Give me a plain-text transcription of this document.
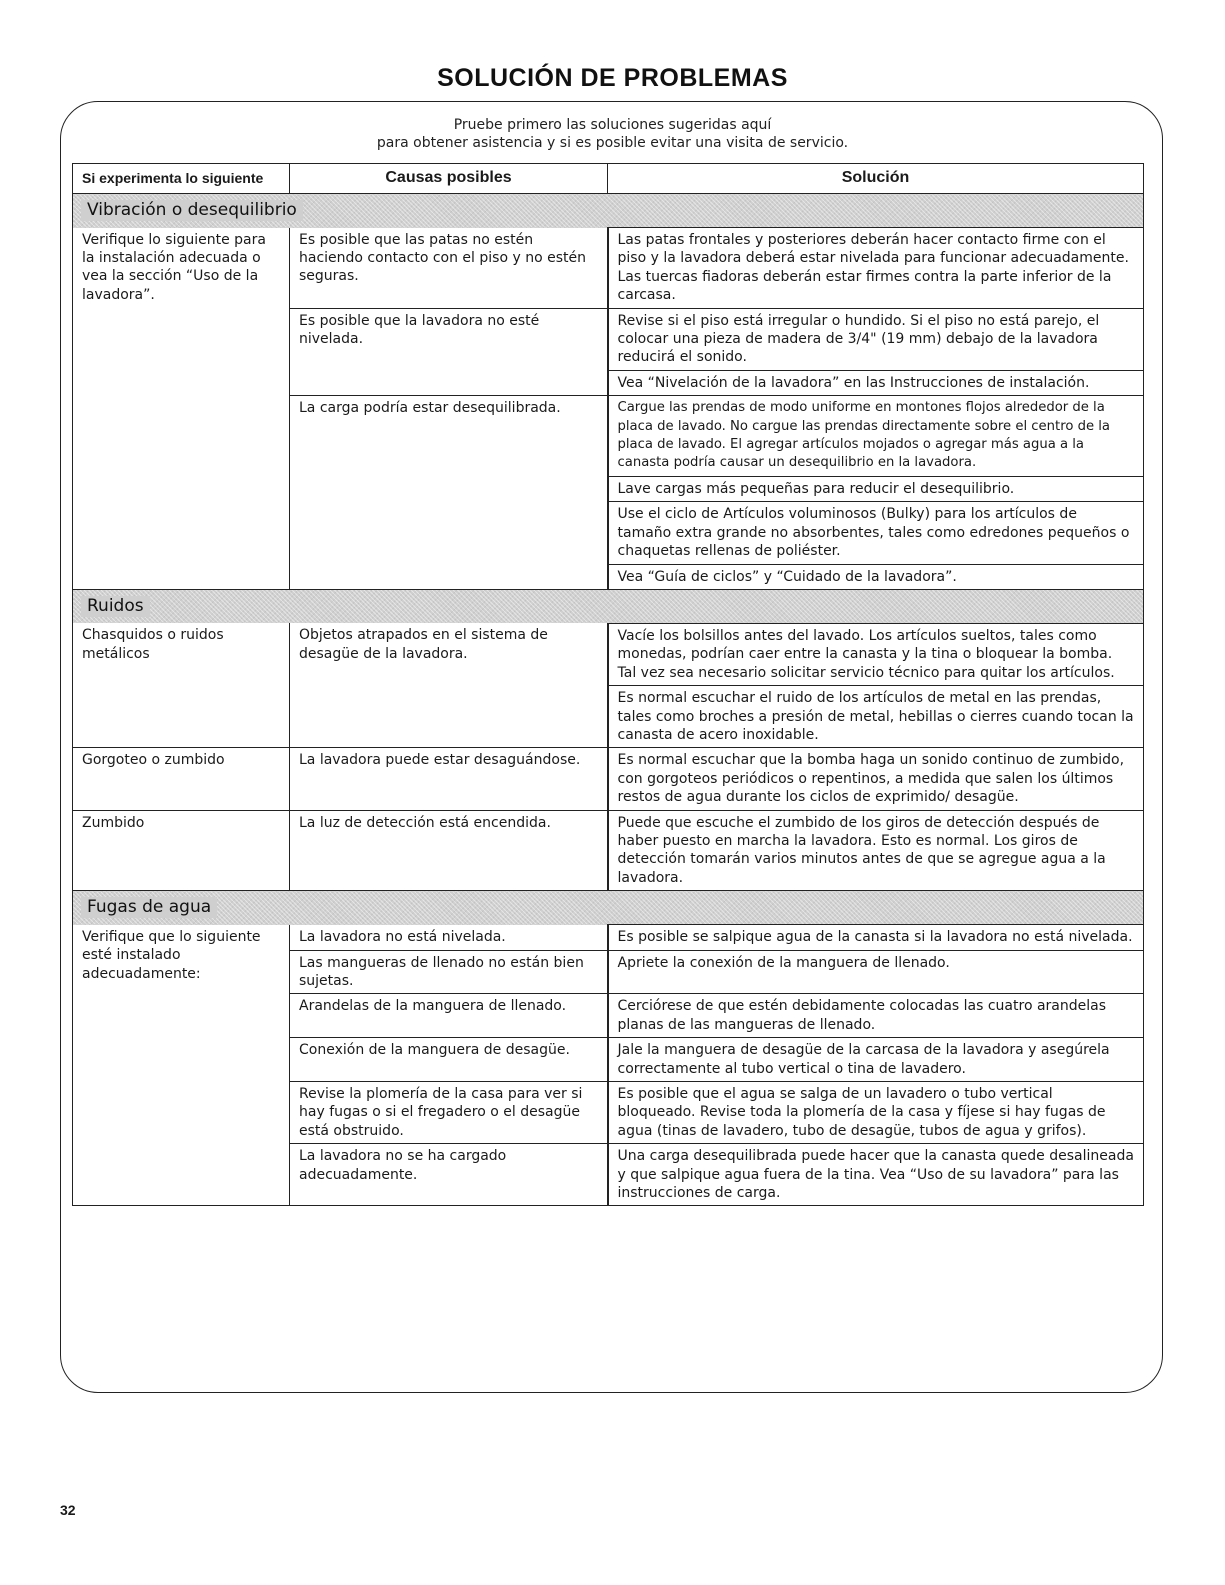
SOLUCIÓN DE PROBLEMAS
Pruebe primero las soluciones sugeridas aquí
para obtener asistencia y si es posible evitar una visita de servicio.
Si experimenta lo siguiente	Causas posibles	Solución
Vibración o desequilibrio		
Verifique lo siguiente para la instalación adecuada o vea la sección “Uso de la lavadora”.	Es posible que las patas no estén haciendo contacto con el piso y no estén seguras.	Las patas frontales y posteriores deberán hacer contacto firme con el piso y la lavadora deberá estar nivelada para funcionar adecuadamente. Las tuercas fiadoras deberán estar firmes contra la parte inferior de la carcasa.
	Es posible que la lavadora no esté nivelada.	Revise si el piso está irregular o hundido. Si el piso no está parejo, el colocar una pieza de madera de 3/4" (19 mm) debajo de la lavadora reducirá el sonido.
		Vea “Nivelación de la lavadora” en las Instrucciones de instalación.
	La carga podría estar desequilibrada.	Cargue las prendas de modo uniforme en montones flojos alrededor de la placa de lavado. No cargue las prendas directamente sobre el centro de la placa de lavado. El agregar artículos mojados o agregar más agua a la canasta podría causar un desequilibrio en la lavadora.
		Lave cargas más pequeñas para reducir el desequilibrio.
		Use el ciclo de Artículos voluminosos (Bulky) para los artículos de tamaño extra grande no absorbentes, tales como edredones pequeños o chaquetas rellenas de poliéster.
		Vea “Guía de ciclos” y “Cuidado de la lavadora”.
Ruidos		
Chasquidos o ruidos metálicos	Objetos atrapados en el sistema de desagüe de la lavadora.	Vacíe los bolsillos antes del lavado. Los artículos sueltos, tales como monedas, podrían caer entre la canasta y la tina o bloquear la bomba. Tal vez sea necesario solicitar servicio técnico para quitar los artículos.
		Es normal escuchar el ruido de los artículos de metal en las prendas, tales como broches a presión de metal, hebillas o cierres cuando tocan la canasta de acero inoxidable.
Gorgoteo o zumbido	La lavadora puede estar desaguándose.	Es normal escuchar que la bomba haga un sonido continuo de zumbido, con gorgoteos periódicos o repentinos, a medida que salen los últimos restos de agua durante los ciclos de exprimido/ desagüe.
Zumbido	La luz de detección está encendida.	Puede que escuche el zumbido de los giros de detección después de haber puesto en marcha la lavadora. Esto es normal. Los giros de detección tomarán varios minutos antes de que se agregue agua a la lavadora.
Fugas de agua		
Verifique que lo siguiente esté instalado adecuadamente:	La lavadora no está nivelada.	Es posible se salpique agua de la canasta si la lavadora no está nivelada.
	Las mangueras de llenado no están bien sujetas.	Apriete la conexión de la manguera de llenado.
	Arandelas de la manguera de llenado.	Cerciórese de que estén debidamente colocadas las cuatro arandelas planas de las mangueras de llenado.
	Conexión de la manguera de desagüe.	Jale la manguera de desagüe de la carcasa de la lavadora y asegúrela correctamente al tubo vertical o tina de lavadero.
	Revise la plomería de la casa para ver si hay fugas o si el fregadero o el desagüe está obstruido.	Es posible que el agua se salga de un lavadero o tubo vertical bloqueado. Revise toda la plomería de la casa y fíjese si hay fugas de agua (tinas de lavadero, tubo de desagüe, tubos de agua y grifos).
	La lavadora no se ha cargado adecuadamente.	Una carga desequilibrada puede hacer que la canasta quede desalineada y que salpique agua fuera de la tina. Vea “Uso de su lavadora” para las instrucciones de carga.
32
